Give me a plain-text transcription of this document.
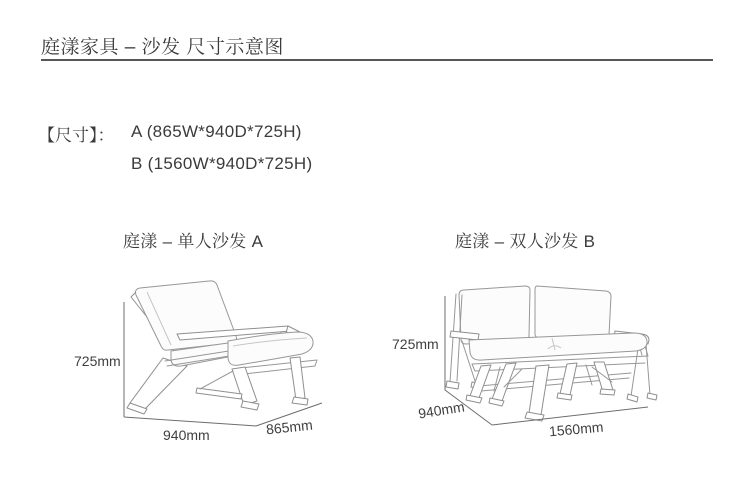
庭漾家具 – 沙发 尺寸示意图
【尺寸】： A (865W*940D*725H)
B (1560W*940D*725H)
庭漾 – 单人沙发 A	庭漾 – 双人沙发 B
725mm
940mm	865mm
725mm
940mm
1560mm
